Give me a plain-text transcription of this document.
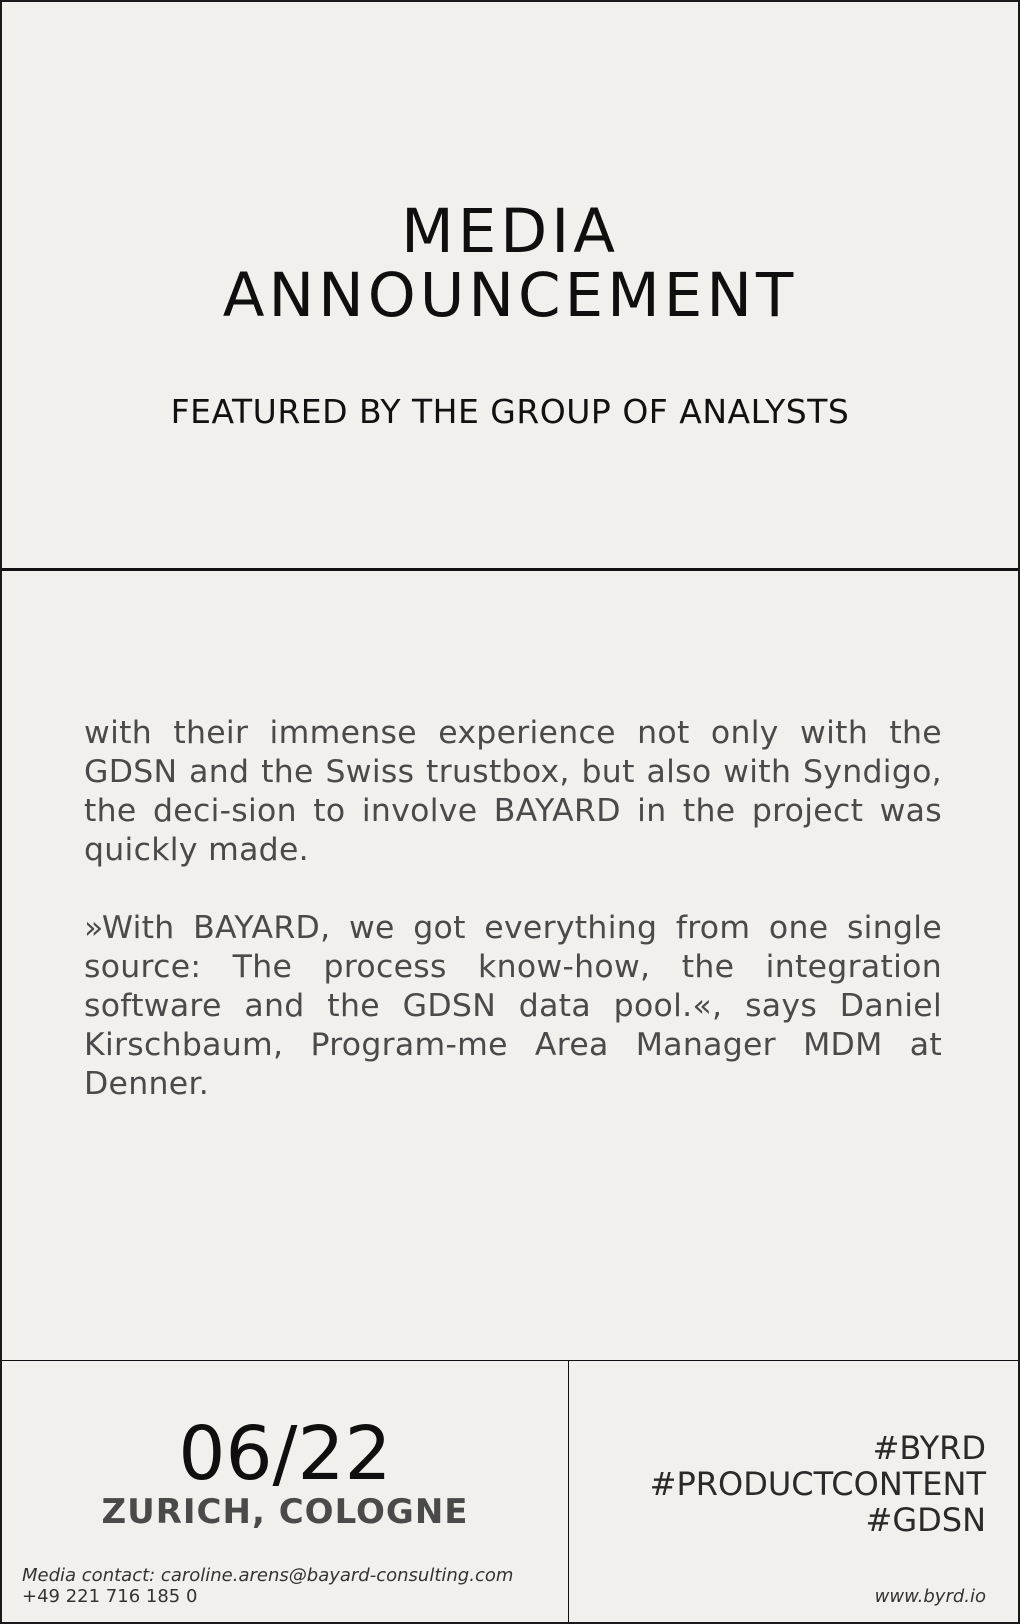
MEDIA
ANNOUNCEMENT
FEATURED BY THE GROUP OF ANALYSTS

with their immense experience not only with the GDSN and the Swiss trustbox, but also with Syndigo, the deci-sion to involve BAYARD in the project was quickly made.

»With BAYARD, we got everything from one single source: The process know-how, the integration software and the GDSN data pool.«, says Daniel Kirschbaum, Program-me Area Manager MDM at Denner.

06/22
ZURICH, COLOGNE
Media contact: caroline.arens@bayard-consulting.com
+49 221 716 185 0
#BYRD
#PRODUCTCONTENT
#GDSN
www.byrd.io
